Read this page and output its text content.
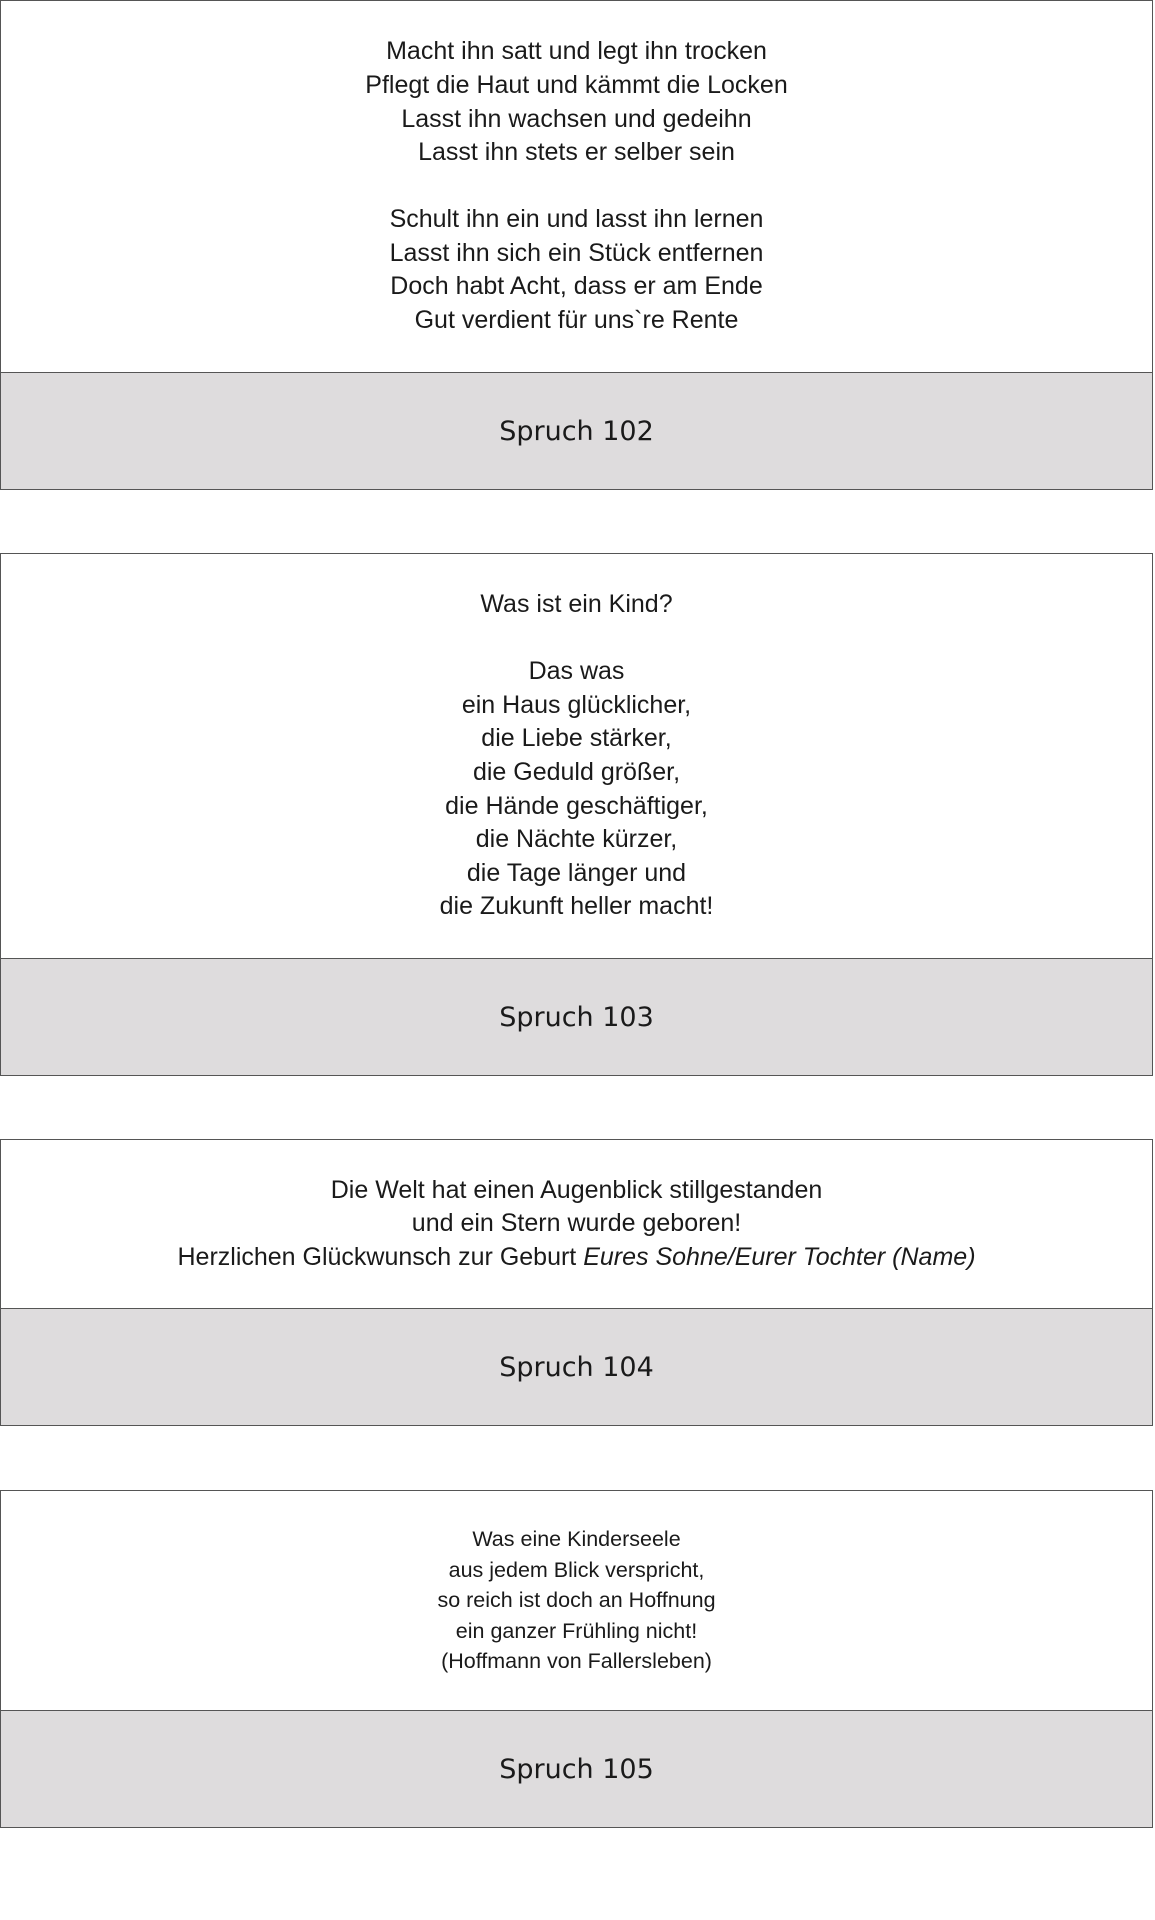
Macht ihn satt und legt ihn trocken
Pflegt die Haut und kämmt die Locken
Lasst ihn wachsen und gedeihn
Lasst ihn stets er selber sein
Schult ihn ein und lasst ihn lernen
Lasst ihn sich ein Stück entfernen
Doch habt Acht, dass er am Ende
Gut verdient für uns`re Rente
Spruch 102
Was ist ein Kind?
Das was
ein Haus glücklicher,
die Liebe stärker,
die Geduld größer,
die Hände geschäftiger,
die Nächte kürzer,
die Tage länger und
die Zukunft heller macht!
Spruch 103
Die Welt hat einen Augenblick stillgestanden
und ein Stern wurde geboren!
Herzlichen Glückwunsch zur Geburt Eures Sohne/Eurer Tochter (Name)
Spruch 104
Was eine Kinderseele
aus jedem Blick verspricht,
so reich ist doch an Hoffnung
ein ganzer Frühling nicht!
(Hoffmann von Fallersleben)
Spruch 105
